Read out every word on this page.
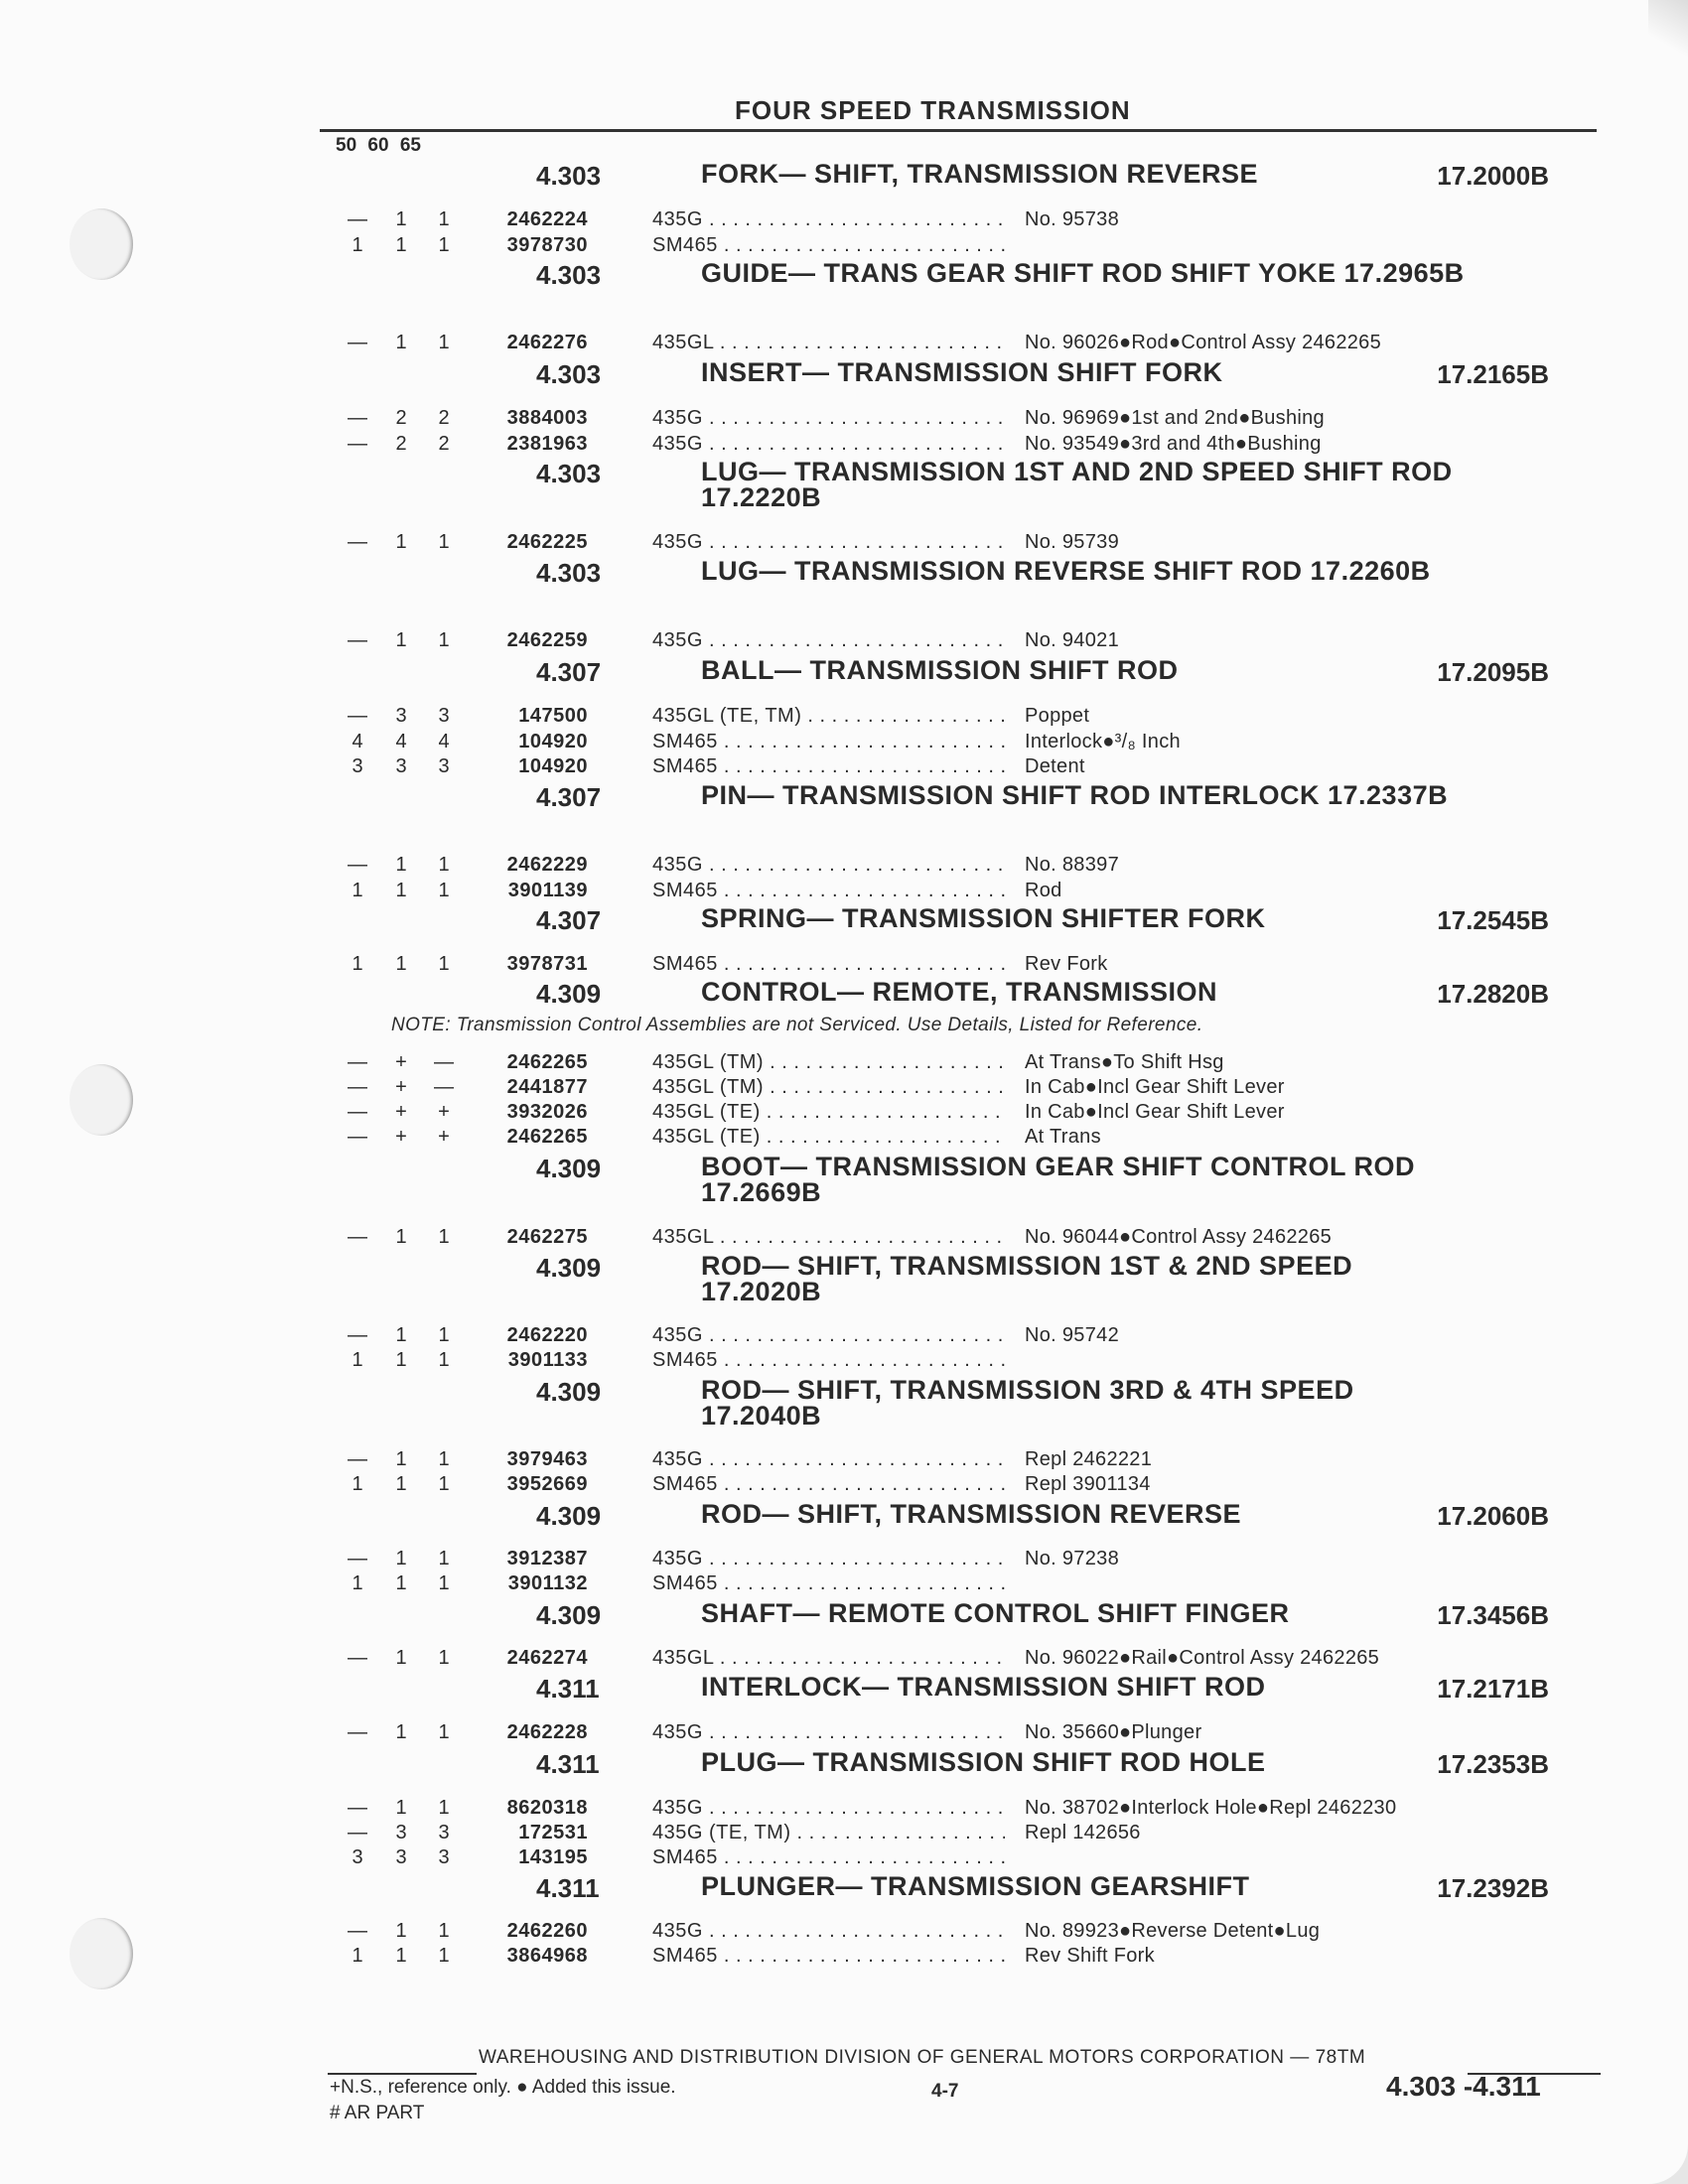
FOUR SPEED TRANSMISSION
50 60 65
4.303	FORK— SHIFT, TRANSMISSION REVERSE	17.2000B
—	1	1	2462224	435G . . .	No. 95738
1	1	1	3978730	SM465 . . .
4.303	GUIDE— TRANS GEAR SHIFT ROD SHIFT YOKE 17.2965B
—	1	1	2462276	435GL . . .	No. 96026●Rod●Control Assy 2462265
4.303	INSERT— TRANSMISSION SHIFT FORK	17.2165B
—	2	2	3884003	435G . . .	No. 96969●1st and 2nd●Bushing
—	2	2	2381963	435G . . .	No. 93549●3rd and 4th●Bushing
4.303	LUG— TRANSMISSION 1ST AND 2ND SPEED SHIFT ROD 17.2220B
—	1	1	2462225	435G . . .	No. 95739
4.303	LUG— TRANSMISSION REVERSE SHIFT ROD 17.2260B
—	1	1	2462259	435G . . .	No. 94021
4.307	BALL— TRANSMISSION SHIFT ROD	17.2095B
—	3	3	147500	435GL (TE, TM) . . .	Poppet
4	4	4	104920	SM465 . . .	Interlock●³/₈ Inch
3	3	3	104920	SM465 . . .	Detent
4.307	PIN— TRANSMISSION SHIFT ROD INTERLOCK 17.2337B
—	1	1	2462229	435G . . .	No. 88397
1	1	1	3901139	SM465 . . .	Rod
4.307	SPRING— TRANSMISSION SHIFTER FORK	17.2545B
1	1	1	3978731	SM465 . . .	Rev Fork
4.309	CONTROL— REMOTE, TRANSMISSION	17.2820B
—	+	—	2462265	435GL (TM) . . .	At Trans●To Shift Hsg
—	+	—	2441877	435GL (TM) . . .	In Cab●Incl Gear Shift Lever
—	+	+	3932026	435GL (TE) . . .	In Cab●Incl Gear Shift Lever
—	+	+	2462265	435GL (TE) . . .	At Trans
4.309	BOOT— TRANSMISSION GEAR SHIFT CONTROL ROD 17.2669B
—	1	1	2462275	435GL . . .	No. 96044●Control Assy 2462265
4.309	ROD— SHIFT, TRANSMISSION 1ST & 2ND SPEED 17.2020B
—	1	1	2462220	435G . . .	No. 95742
1	1	1	3901133	SM465 . . .
4.309	ROD— SHIFT, TRANSMISSION 3RD & 4TH SPEED 17.2040B
—	1	1	3979463	435G . . .	Repl 2462221
1	1	1	3952669	SM465 . . .	Repl 3901134
4.309	ROD— SHIFT, TRANSMISSION REVERSE	17.2060B
—	1	1	3912387	435G . . .	No. 97238
1	1	1	3901132	SM465 . . .
4.309	SHAFT— REMOTE CONTROL SHIFT FINGER	17.3456B
—	1	1	2462274	435GL . . .	No. 96022●Rail●Control Assy 2462265
4.311	INTERLOCK— TRANSMISSION SHIFT ROD	17.2171B
—	1	1	2462228	435G . . .	No. 35660●Plunger
4.311	PLUG— TRANSMISSION SHIFT ROD HOLE	17.2353B
—	1	1	8620318	435G . . .	No. 38702●Interlock Hole●Repl 2462230
—	3	3	172531	435G (TE, TM) . . .	Repl 142656
3	3	3	143195	SM465 . . .
4.311	PLUNGER— TRANSMISSION GEARSHIFT	17.2392B
—	1	1	2462260	435G . . .	No. 89923●Reverse Detent●Lug
1	1	1	3864968	SM465 . . .	Rev Shift Fork
NOTE: Transmission Control Assemblies are not Serviced. Use Details, Listed for Reference.
WAREHOUSING AND DISTRIBUTION DIVISION OF GENERAL MOTORS CORPORATION — 78TM
+N.S., reference only. ● Added this issue.
# AR PART
4-7	4.303 -4.311
